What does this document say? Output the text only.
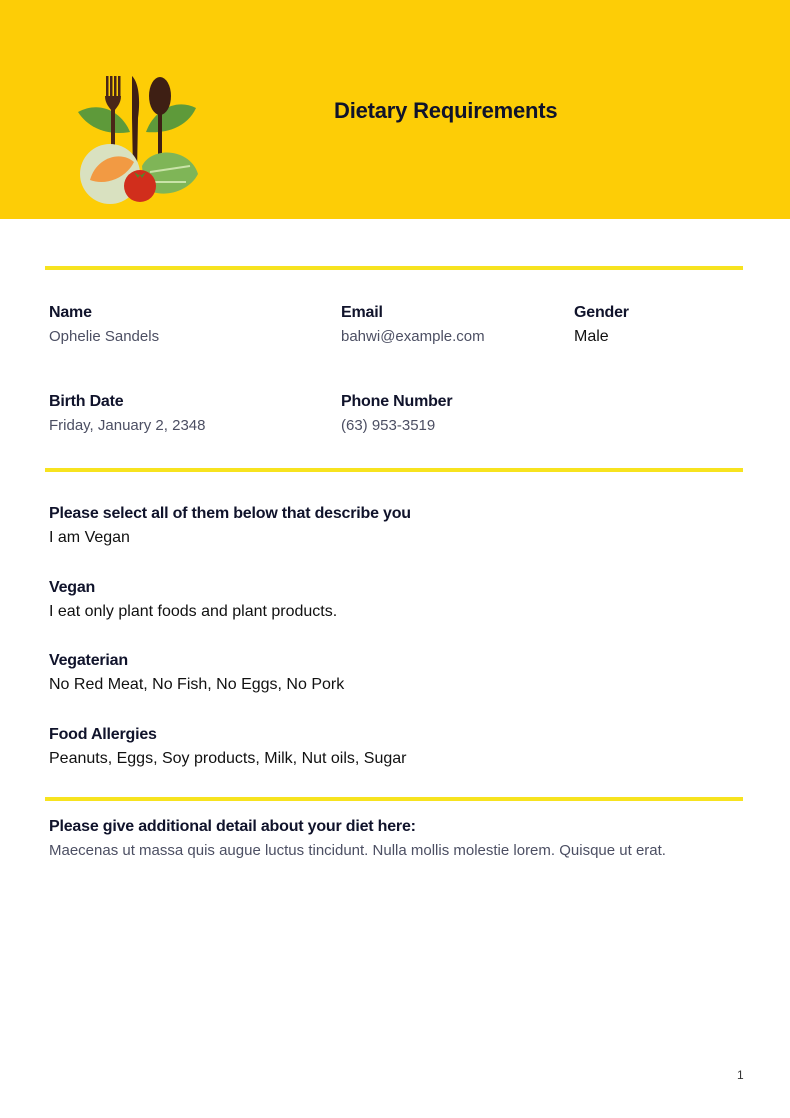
Dietary Requirements
Name
Ophelie Sandels
Email
bahwi@example.com
Gender
Male
Birth Date
Friday, January 2, 2348
Phone Number
(63) 953-3519
Please select all of them below that describe you
I am Vegan
Vegan
I eat only plant foods and plant products.
Vegaterian
No Red Meat, No Fish, No Eggs, No Pork
Food Allergies
Peanuts, Eggs, Soy products, Milk, Nut oils, Sugar
Please give additional detail about your diet here:
Maecenas ut massa quis augue luctus tincidunt. Nulla mollis molestie lorem. Quisque ut erat.
1
